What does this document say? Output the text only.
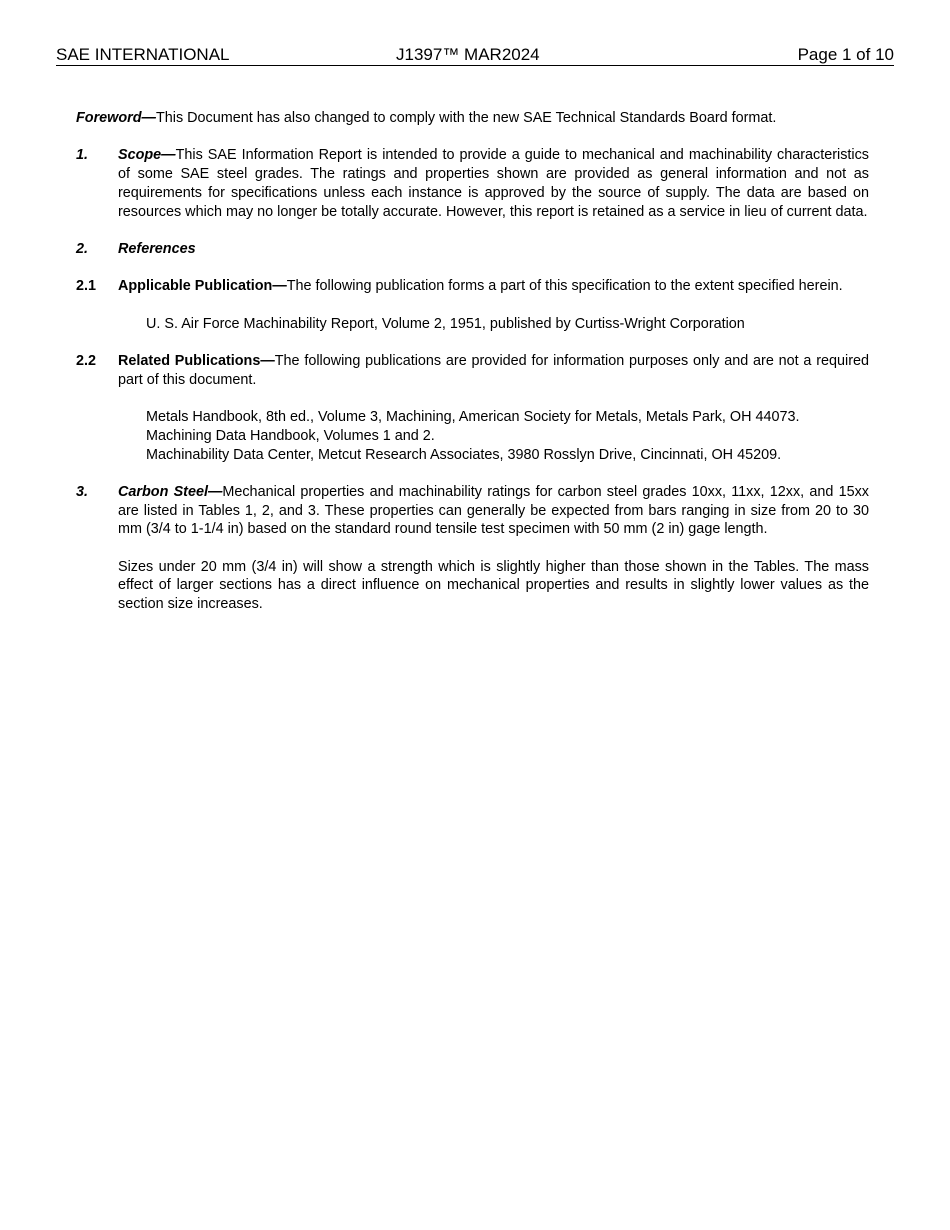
SAE INTERNATIONAL	J1397™ MAR2024	Page 1 of 10

Foreword—This Document has also changed to comply with the new SAE Technical Standards Board format.

1. Scope—This SAE Information Report is intended to provide a guide to mechanical and machinability characteristics of some SAE steel grades. The ratings and properties shown are provided as general information and not as requirements for specifications unless each instance is approved by the source of supply. The data are based on resources which may no longer be totally accurate. However, this report is retained as a service in lieu of current data.
2. References
2.1 Applicable Publication—The following publication forms a part of this specification to the extent specified herein.
U. S. Air Force Machinability Report, Volume 2, 1951, published by Curtiss-Wright Corporation
2.2 Related Publications—The following publications are provided for information purposes only and are not a required part of this document.
Metals Handbook, 8th ed., Volume 3, Machining, American Society for Metals, Metals Park, OH 44073.
Machining Data Handbook, Volumes 1 and 2.
Machinability Data Center, Metcut Research Associates, 3980 Rosslyn Drive, Cincinnati, OH 45209.
3. Carbon Steel—Mechanical properties and machinability ratings for carbon steel grades 10xx, 11xx, 12xx, and 15xx are listed in Tables 1, 2, and 3. These properties can generally be expected from bars ranging in size from 20 to 30 mm (3/4 to 1-1/4 in) based on the standard round tensile test specimen with 50 mm (2 in) gage length.

Sizes under 20 mm (3/4 in) will show a strength which is slightly higher than those shown in the Tables. The mass effect of larger sections has a direct influence on mechanical properties and results in slightly lower values as the section size increases.
